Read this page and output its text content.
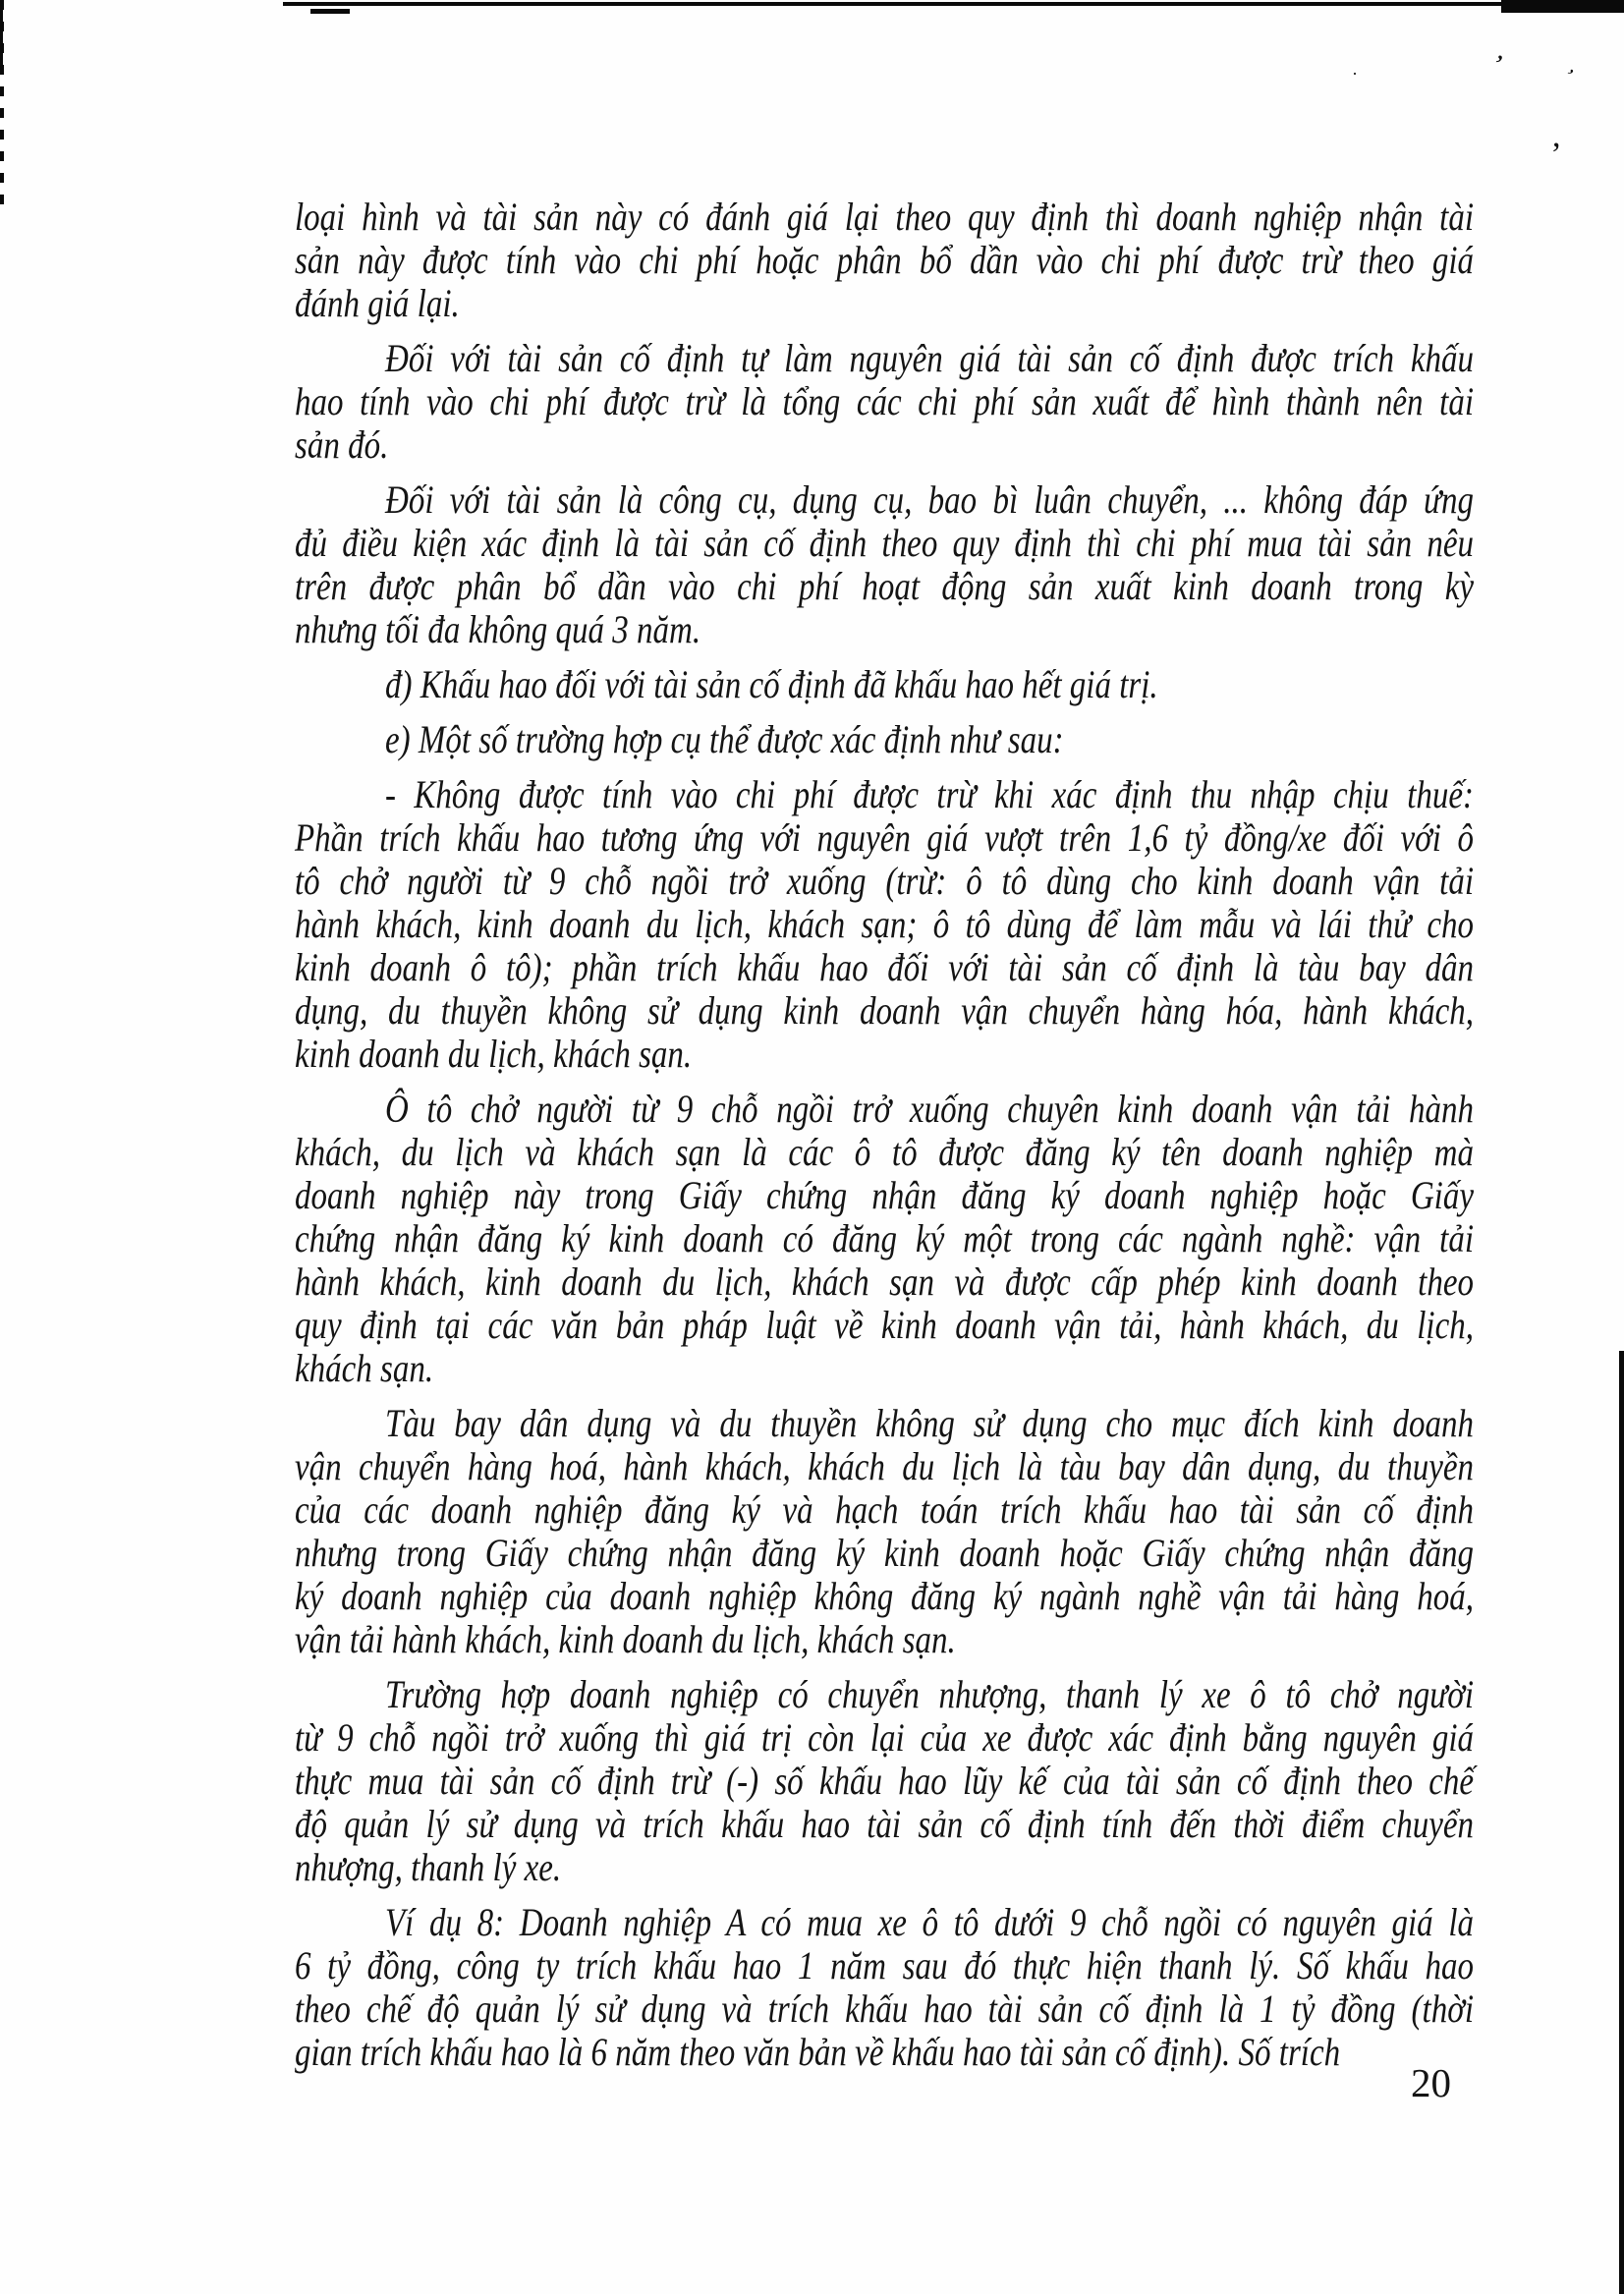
’
·	’
,
loại hình và tài sản này có đánh giá lại theo quy định thì doanh nghiệp nhận tài
sản này được tính vào chi phí hoặc phân bổ dần vào chi phí được trừ theo giá
đánh giá lại.
Đối với tài sản cố định tự làm nguyên giá tài sản cố định được trích khấu
hao tính vào chi phí được trừ là tổng các chi phí sản xuất để hình thành nên tài
sản đó.
Đối với tài sản là công cụ, dụng cụ, bao bì luân chuyển, ... không đáp ứng
đủ điều kiện xác định là tài sản cố định theo quy định thì chi phí mua tài sản nêu
trên được phân bổ dần vào chi phí hoạt động sản xuất kinh doanh trong kỳ
nhưng tối đa không quá 3 năm.
đ) Khấu hao đối với tài sản cố định đã khấu hao hết giá trị.
e) Một số trường hợp cụ thể được xác định như sau:
- Không được tính vào chi phí được trừ khi xác định thu nhập chịu thuế:
Phần trích khấu hao tương ứng với nguyên giá vượt trên 1,6 tỷ đồng/xe đối với ô
tô chở người từ 9 chỗ ngồi trở xuống (trừ: ô tô dùng cho kinh doanh vận tải
hành khách, kinh doanh du lịch, khách sạn; ô tô dùng để làm mẫu và lái thử cho
kinh doanh ô tô); phần trích khấu hao đối với tài sản cố định là tàu bay dân
dụng, du thuyền không sử dụng kinh doanh vận chuyển hàng hóa, hành khách,
kinh doanh du lịch, khách sạn.
Ô tô chở người từ 9 chỗ ngồi trở xuống chuyên kinh doanh vận tải hành
khách, du lịch và khách sạn là các ô tô được đăng ký tên doanh nghiệp mà
doanh nghiệp này trong Giấy chứng nhận đăng ký doanh nghiệp hoặc Giấy
chứng nhận đăng ký kinh doanh có đăng ký một trong các ngành nghề: vận tải
hành khách, kinh doanh du lịch, khách sạn và được cấp phép kinh doanh theo
quy định tại các văn bản pháp luật về kinh doanh vận tải, hành khách, du lịch,
khách sạn.
Tàu bay dân dụng và du thuyền không sử dụng cho mục đích kinh doanh
vận chuyển hàng hoá, hành khách, khách du lịch là tàu bay dân dụng, du thuyền
của các doanh nghiệp đăng ký và hạch toán trích khấu hao tài sản cố định
nhưng trong Giấy chứng nhận đăng ký kinh doanh hoặc Giấy chứng nhận đăng
ký doanh nghiệp của doanh nghiệp không đăng ký ngành nghề vận tải hàng hoá,
vận tải hành khách, kinh doanh du lịch, khách sạn.
Trường hợp doanh nghiệp có chuyển nhượng, thanh lý xe ô tô chở người
từ 9 chỗ ngồi trở xuống thì giá trị còn lại của xe được xác định bằng nguyên giá
thực mua tài sản cố định trừ (-) số khấu hao lũy kế của tài sản cố định theo chế
độ quản lý sử dụng và trích khấu hao tài sản cố định tính đến thời điểm chuyển
nhượng, thanh lý xe.
Ví dụ 8: Doanh nghiệp A có mua xe ô tô dưới 9 chỗ ngồi có nguyên giá là
6 tỷ đồng, công ty trích khấu hao 1 năm sau đó thực hiện thanh lý. Số khấu hao
theo chế độ quản lý sử dụng và trích khấu hao tài sản cố định là 1 tỷ đồng (thời
gian trích khấu hao là 6 năm theo văn bản về khấu hao tài sản cố định). Số trích
20
